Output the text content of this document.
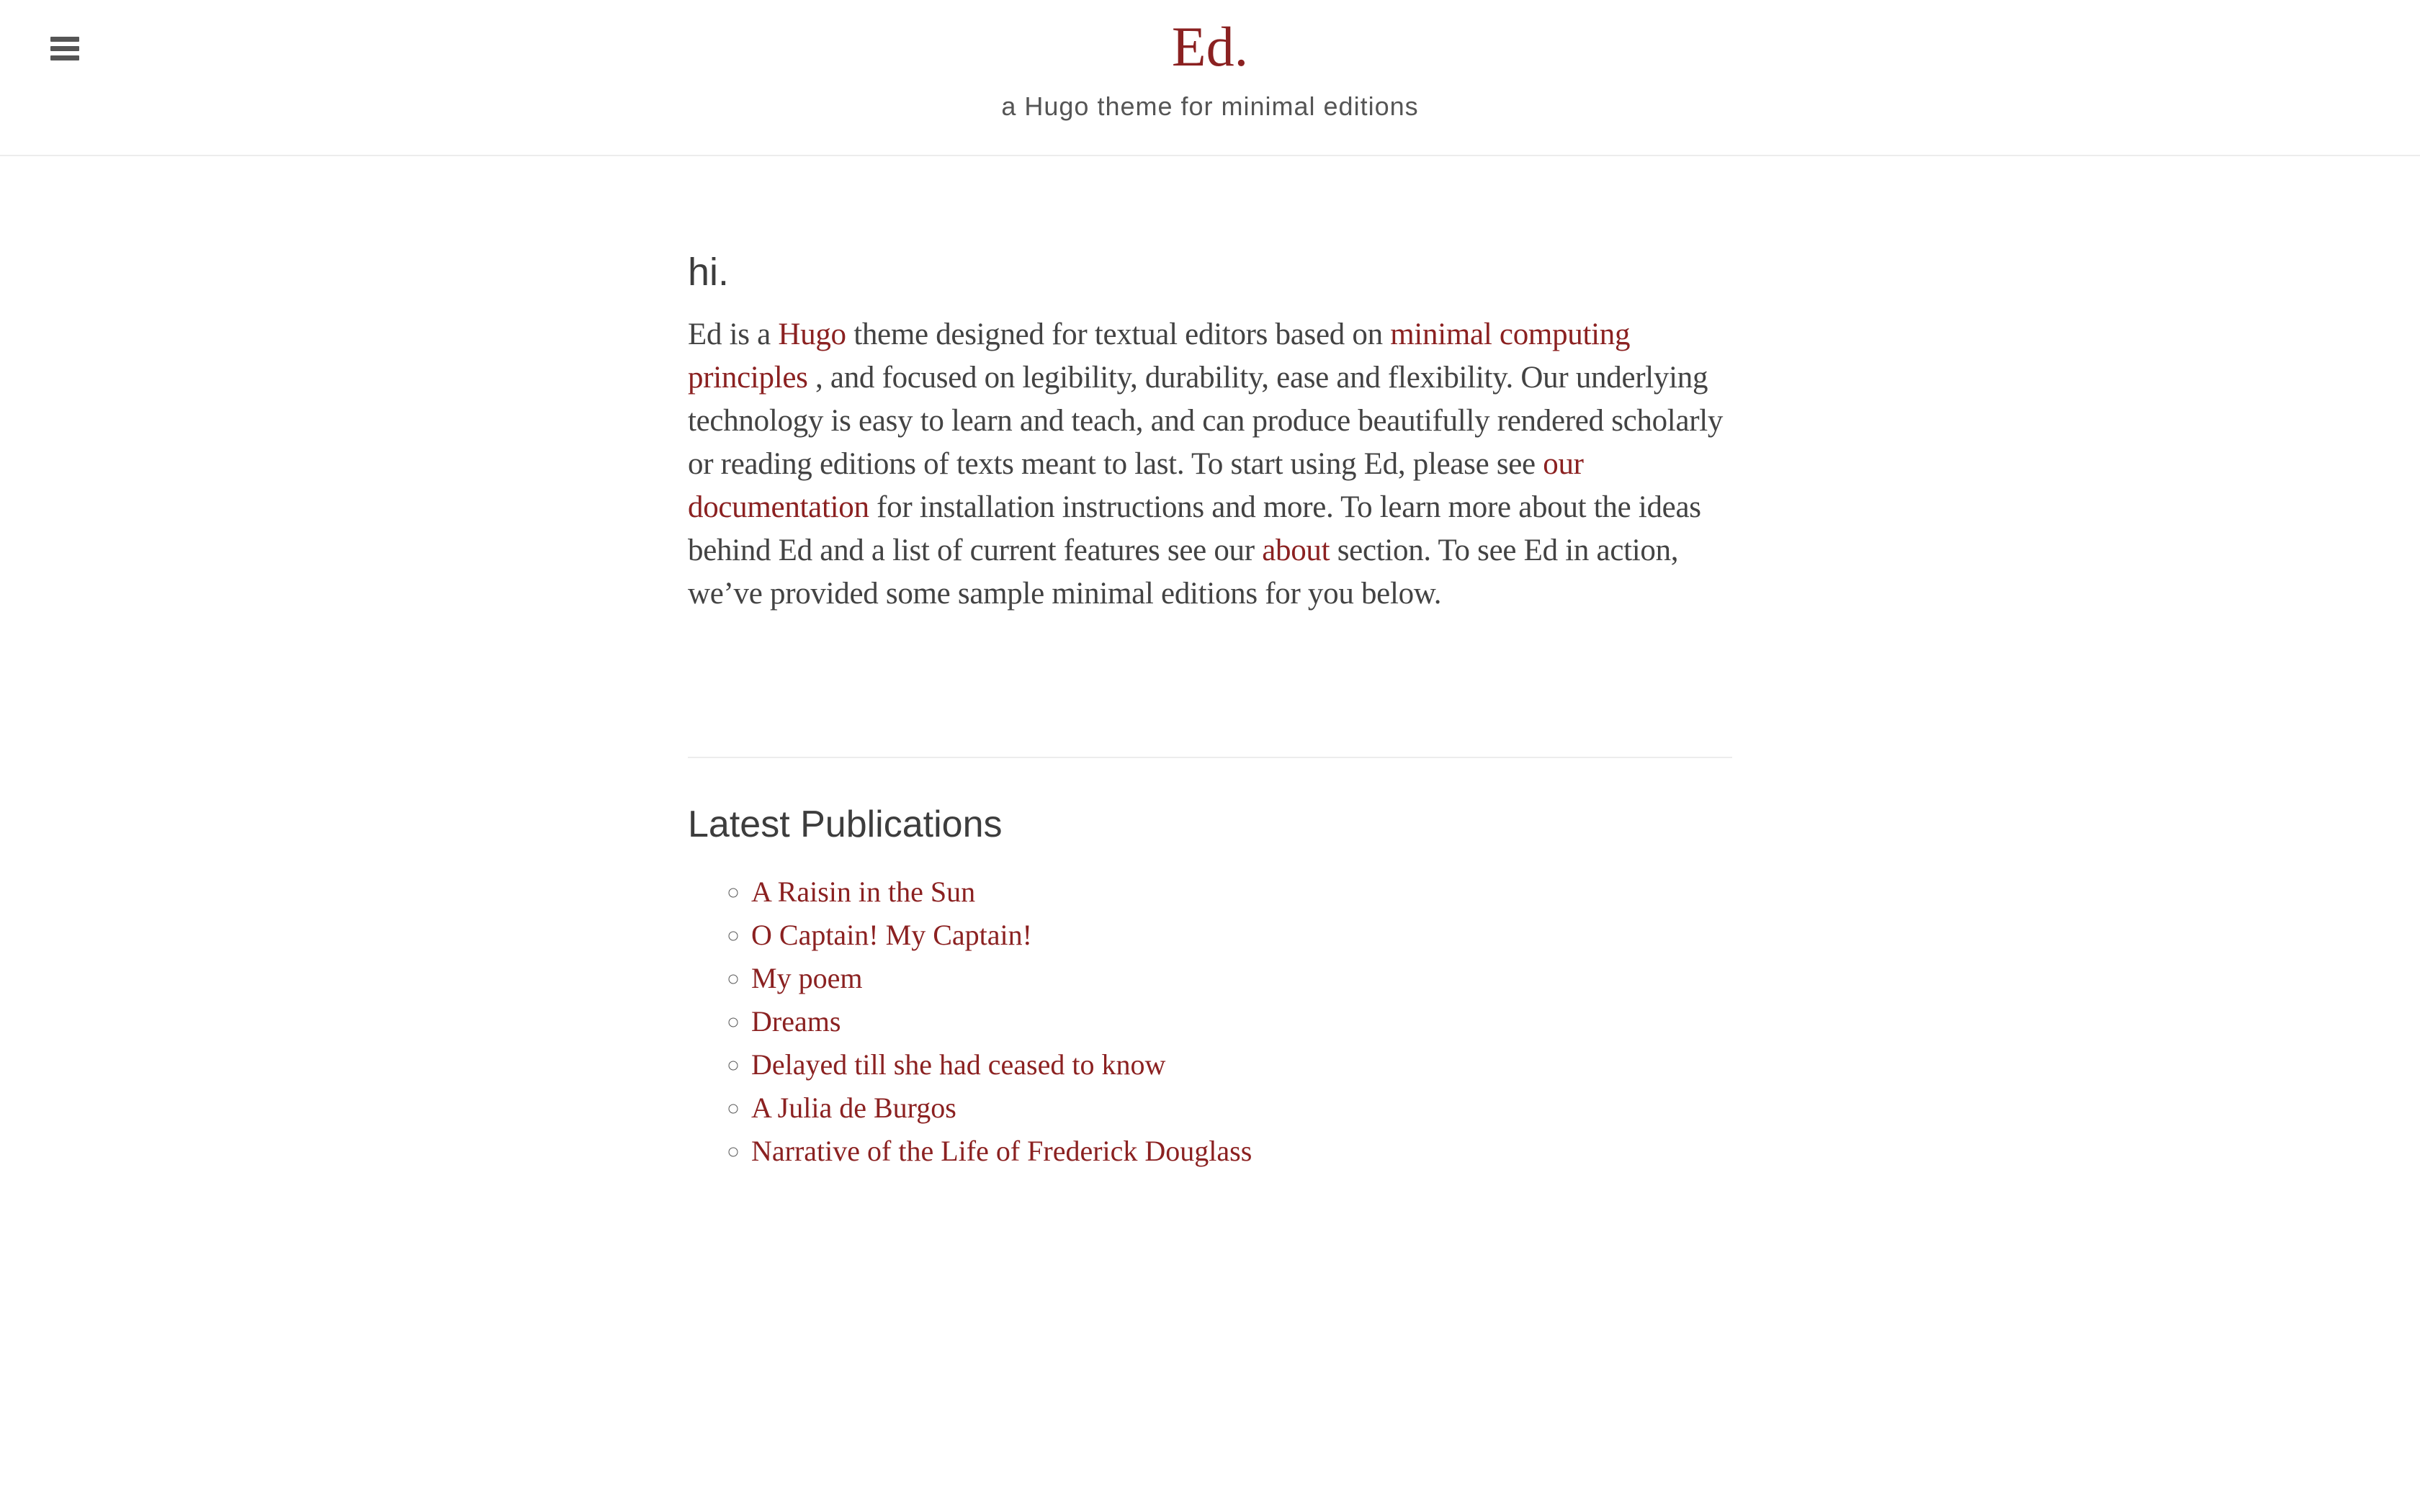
Ed.

a Hugo theme for minimal editions

hi.

Ed is a Hugo theme designed for textual editors based on minimal computing principles , and focused on legibility, durability, ease and flexibility. Our underlying technology is easy to learn and teach, and can produce beautifully rendered scholarly or reading editions of texts meant to last. To start using Ed, please see our documentation for installation instructions and more. To learn more about the ideas behind Ed and a list of current features see our about section. To see Ed in action, we’ve provided some sample minimal editions for you below.

Latest Publications
◦ A Raisin in the Sun
◦ O Captain! My Captain!
◦ My poem
◦ Dreams
◦ Delayed till she had ceased to know
◦ A Julia de Burgos
◦ Narrative of the Life of Frederick Douglass
